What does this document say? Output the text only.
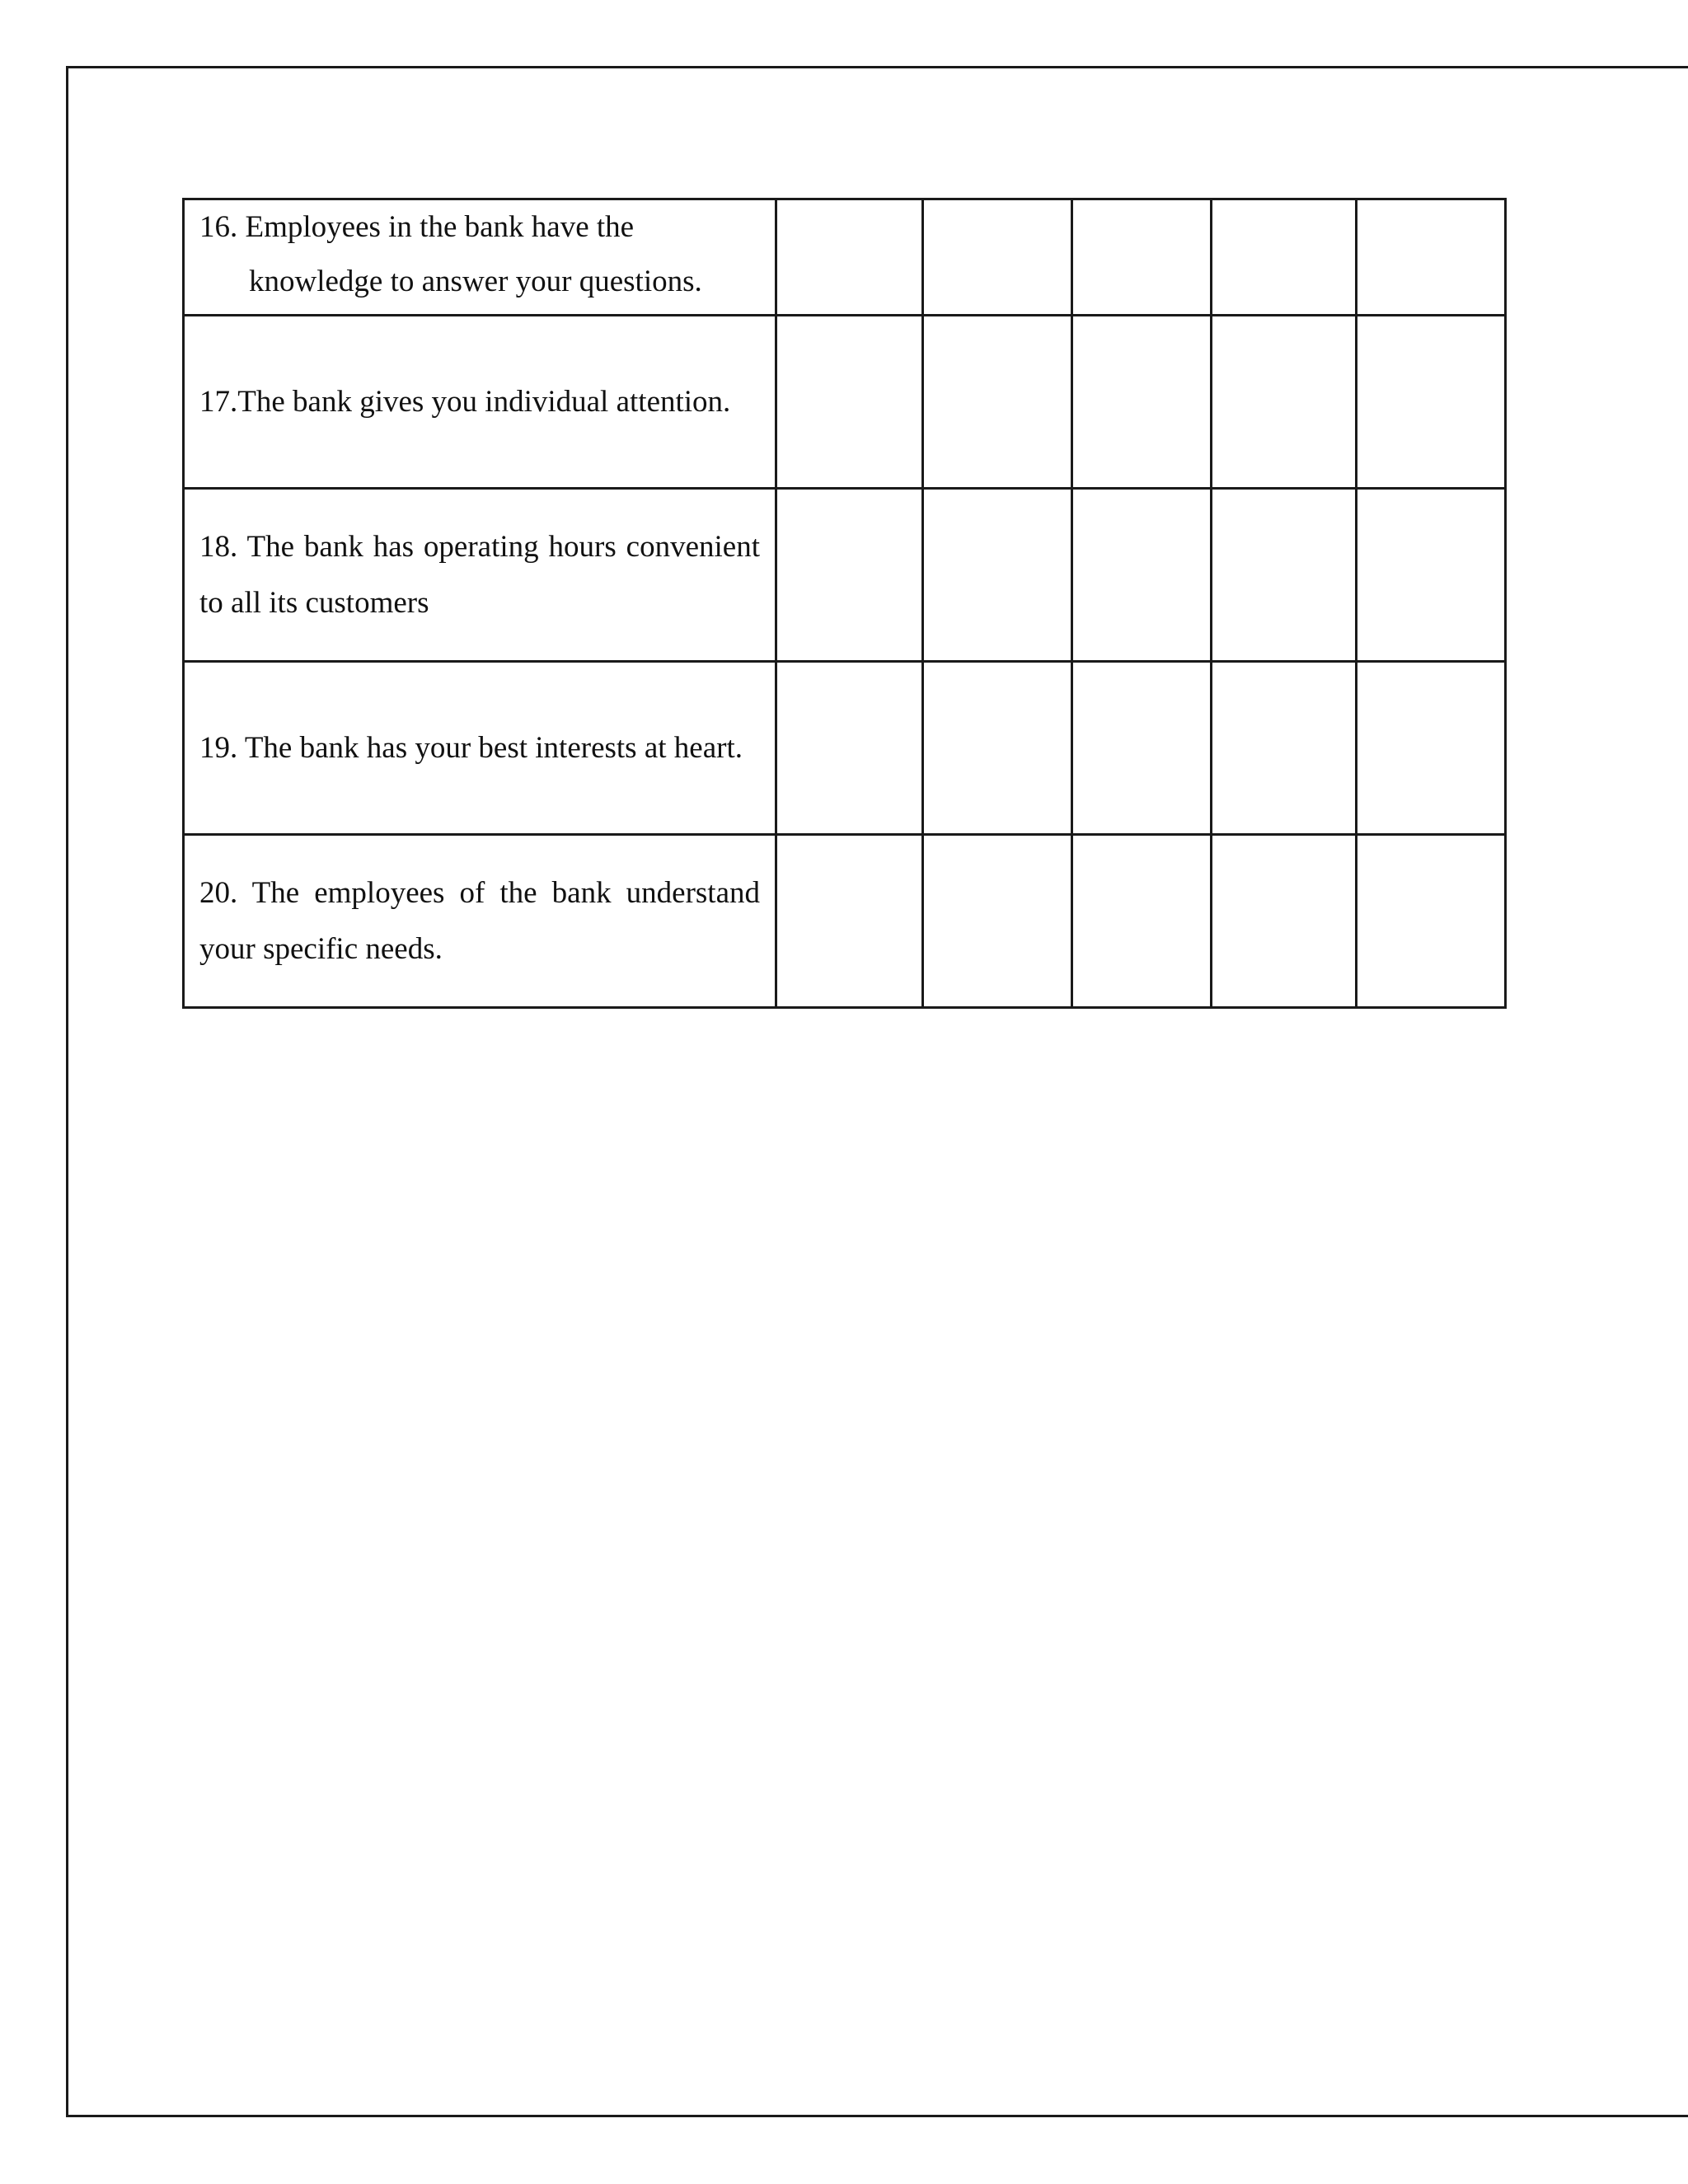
16. Employees in the bank have the
knowledge to answer your questions.					

17.The bank gives you individual attention.					
18. The bank has operating hours convenient to all its customers					
19. The bank has your best interests at heart.					
20. The employees of the bank understand your specific needs.					
